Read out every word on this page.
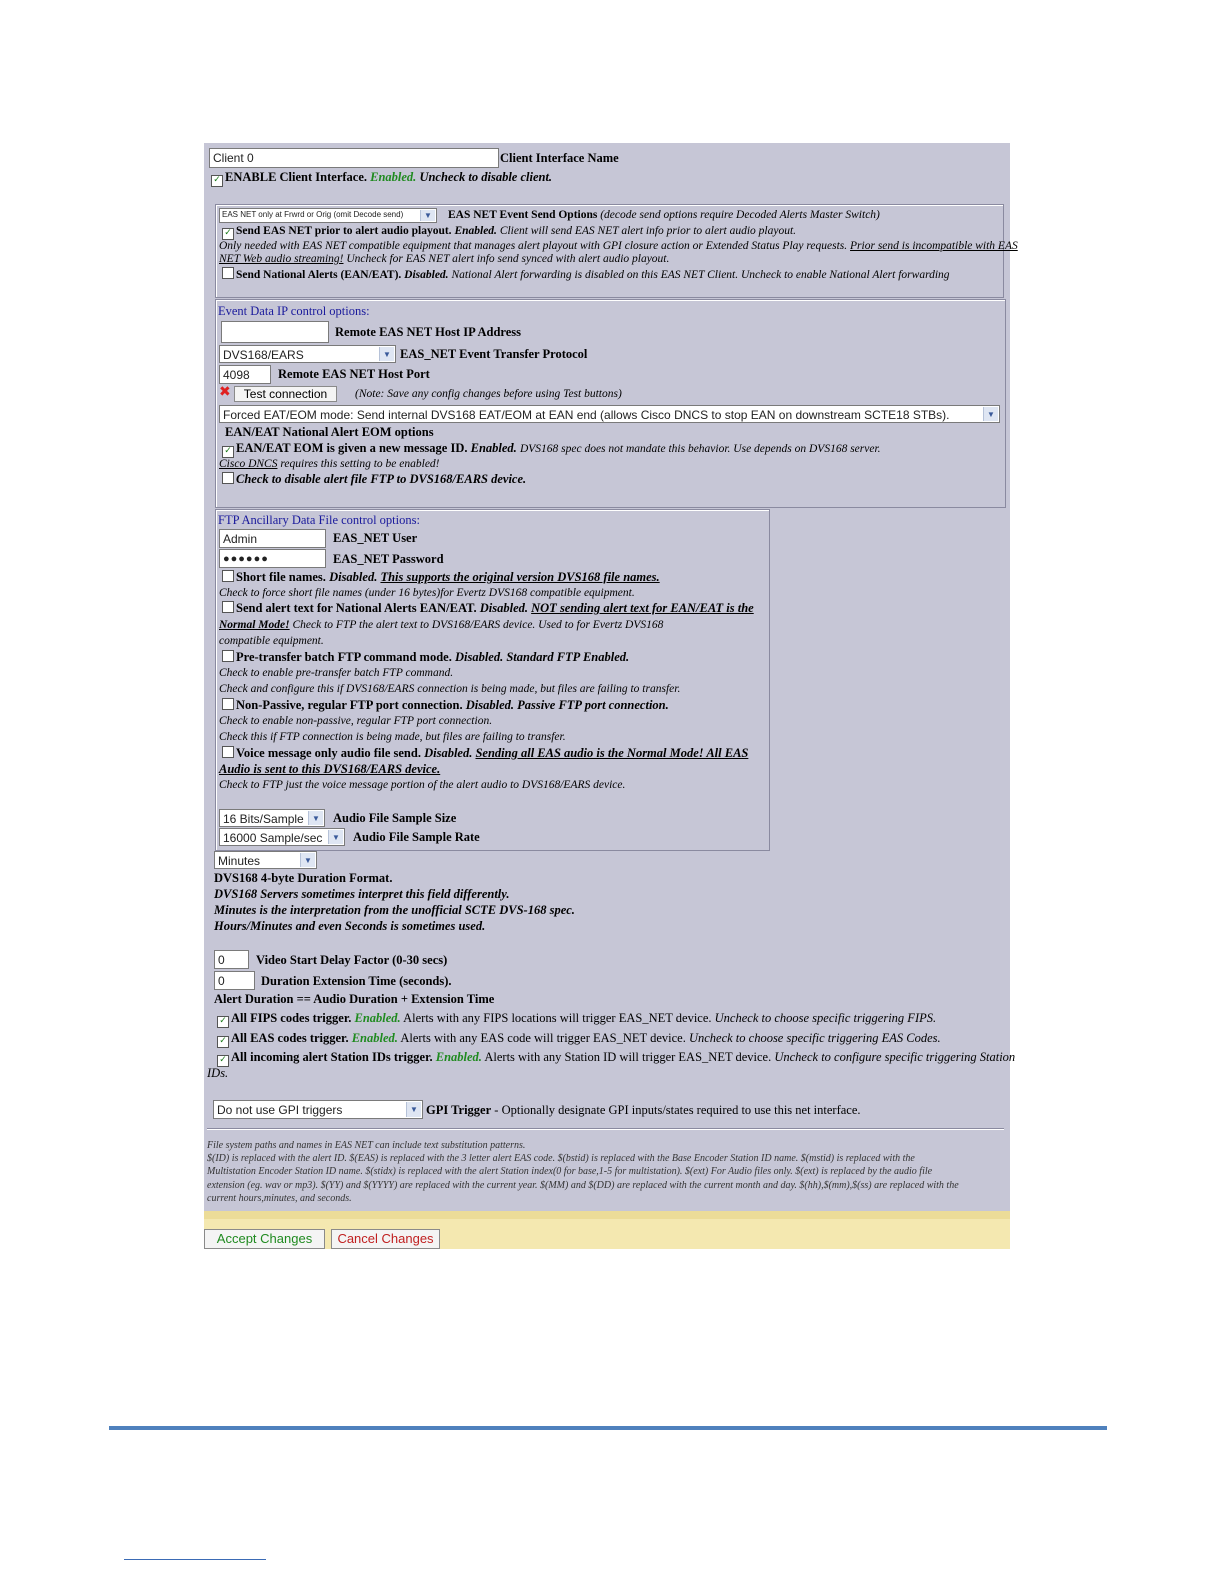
Client 0	Client Interface Name
✓ ENABLE Client Interface. Enabled. Uncheck to disable client.
EAS NET only at Frwrd or Orig (omit Decode send)	▼ EAS NET Event Send Options (decode send options require Decoded Alerts Master Switch)
✓ Send EAS NET prior to alert audio playout. Enabled. Client will send EAS NET alert info prior to alert audio playout.
Only needed with EAS NET compatible equipment that manages alert playout with GPI closure action or Extended Status Play requests. Prior send is incompatible with EAS
NET Web audio streaming! Uncheck for EAS NET alert info send synced with alert audio playout.
Send National Alerts (EAN/EAT). Disabled. National Alert forwarding is disabled on this EAS NET Client. Uncheck to enable National Alert forwarding
Event Data IP control options:
Remote EAS NET Host IP Address
DVS168/EARS	▼ EAS_NET Event Transfer Protocol
4098	Remote EAS NET Host Port
✖	Test connection	(Note: Save any config changes before using Test buttons)
Forced EAT/EOM mode: Send internal DVS168 EAT/EOM at EAN end (allows Cisco DNCS to stop EAN on downstream SCTE18 STBs).	▼
EAN/EAT National Alert EOM options
✓ EAN/EAT EOM is given a new message ID. Enabled. DVS168 spec does not mandate this behavior. Use depends on DVS168 server.
Cisco DNCS requires this setting to be enabled!
Check to disable alert file FTP to DVS168/EARS device.
FTP Ancillary Data File control options:
Admin	EAS_NET User
●●●●●●	EAS_NET Password
Short file names. Disabled. This supports the original version DVS168 file names.
Check to force short file names (under 16 bytes)for Evertz DVS168 compatible equipment.
Send alert text for National Alerts EAN/EAT. Disabled. NOT sending alert text for EAN/EAT is the
Normal Mode! Check to FTP the alert text to DVS168/EARS device. Used to for Evertz DVS168
compatible equipment.
Pre-transfer batch FTP command mode. Disabled. Standard FTP Enabled.
Check to enable pre-transfer batch FTP command.
Check and configure this if DVS168/EARS connection is being made, but files are failing to transfer.
Non-Passive, regular FTP port connection. Disabled. Passive FTP port connection.
Check to enable non-passive, regular FTP port connection.
Check this if FTP connection is being made, but files are failing to transfer.
Voice message only audio file send. Disabled. Sending all EAS audio is the Normal Mode! All EAS
Audio is sent to this DVS168/EARS device.
Check to FTP just the voice message portion of the alert audio to DVS168/EARS device.
16 Bits/Sample	▼ Audio File Sample Size
16000 Sample/sec	▼ Audio File Sample Rate
Minutes	▼
DVS168 4-byte Duration Format.
DVS168 Servers sometimes interpret this field differently.
Minutes is the interpretation from the unofficial SCTE DVS-168 spec.
Hours/Minutes and even Seconds is sometimes used.
0	Video Start Delay Factor (0-30 secs)
0	Duration Extension Time (seconds).
Alert Duration == Audio Duration + Extension Time
✓ All FIPS codes trigger. Enabled. Alerts with any FIPS locations will trigger EAS_NET device. Uncheck to choose specific triggering FIPS.
✓ All EAS codes trigger. Enabled. Alerts with any EAS code will trigger EAS_NET device. Uncheck to choose specific triggering EAS Codes.
✓ All incoming alert Station IDs trigger. Enabled. Alerts with any Station ID will trigger EAS_NET device. Uncheck to configure specific triggering Station
IDs.
Do not use GPI triggers	▼ GPI Trigger - Optionally designate GPI inputs/states required to use this net interface.
File system paths and names in EAS NET can include text substitution patterns.
$(ID) is replaced with the alert ID. $(EAS) is replaced with the 3 letter alert EAS code. $(bstid) is replaced with the Base Encoder Station ID name. $(mstid) is replaced with the
Multistation Encoder Station ID name. $(stidx) is replaced with the alert Station index(0 for base,1-5 for multistation). $(ext) For Audio files only. $(ext) is replaced by the audio file
extension (eg. wav or mp3). $(YY) and $(YYYY) are replaced with the current year. $(MM) and $(DD) are replaced with the current month and day. $(hh),$(mm),$(ss) are replaced with the
current hours,minutes, and seconds.
Accept Changes	Cancel Changes
